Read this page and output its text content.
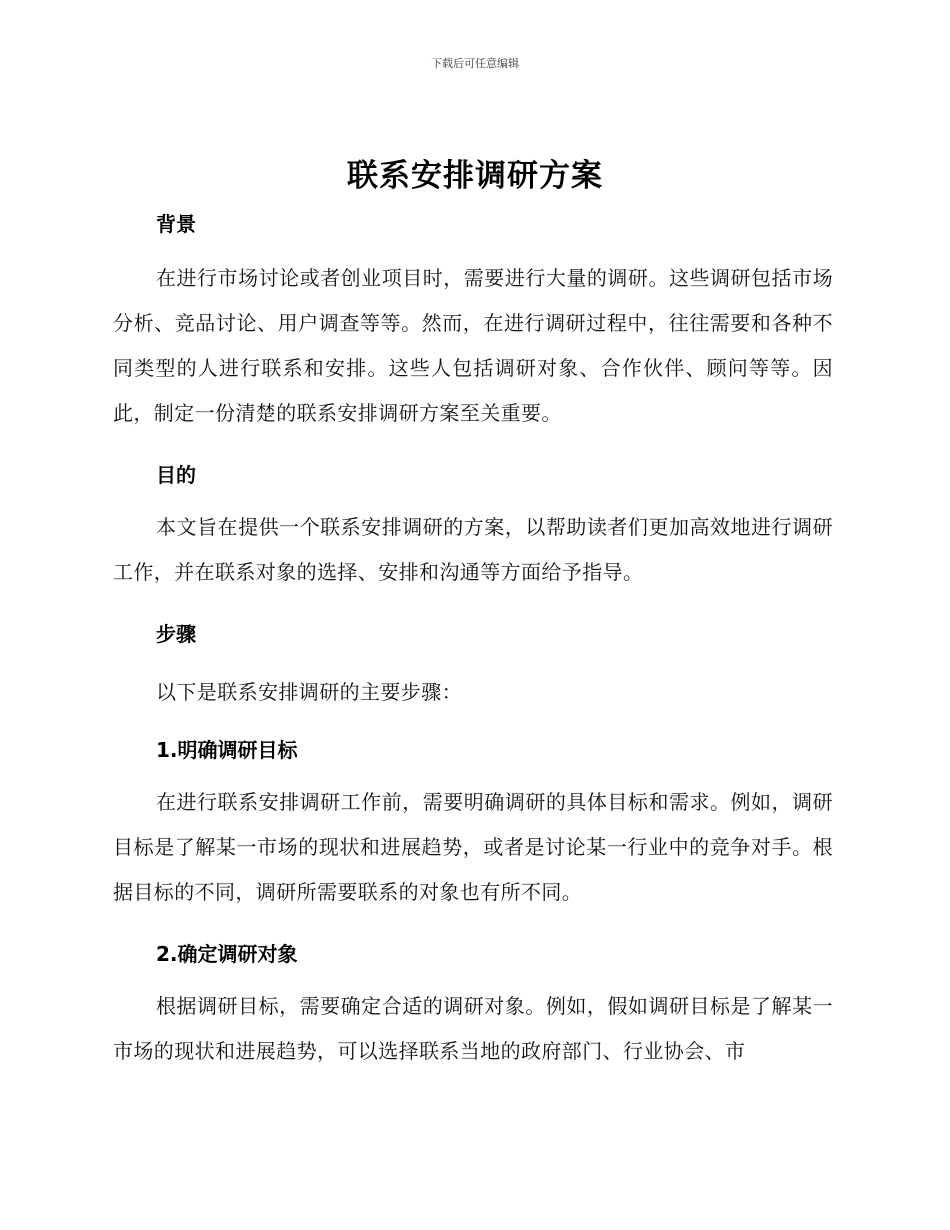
下载后可任意编辑
联系安排调研方案
背景
在进行市场讨论或者创业项目时，需要进行大量的调研。这些调研包括市场分析、竞品讨论、用户调查等等。然而，在进行调研过程中，往往需要和各种不同类型的人进行联系和安排。这些人包括调研对象、合作伙伴、顾问等等。因此，制定一份清楚的联系安排调研方案至关重要。
目的
本文旨在提供一个联系安排调研的方案，以帮助读者们更加高效地进行调研工作，并在联系对象的选择、安排和沟通等方面给予指导。
步骤
以下是联系安排调研的主要步骤：
1.明确调研目标
在进行联系安排调研工作前，需要明确调研的具体目标和需求。例如，调研目标是了解某一市场的现状和进展趋势，或者是讨论某一行业中的竞争对手。根据目标的不同，调研所需要联系的对象也有所不同。
2.确定调研对象
根据调研目标，需要确定合适的调研对象。例如，假如调研目标是了解某一市场的现状和进展趋势，可以选择联系当地的政府部门、行业协会、市
